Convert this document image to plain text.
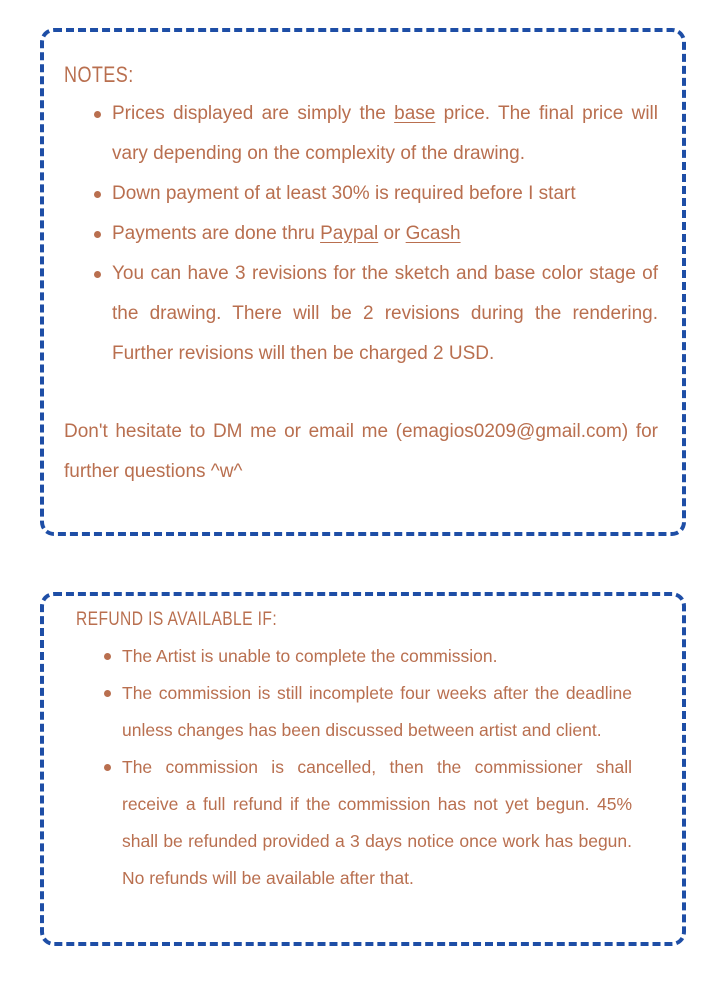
NOTES:
Prices displayed are simply the base price. The final price will vary depending on the complexity of the drawing.
Down payment of at least 30% is required before I start
Payments are done thru Paypal or Gcash
You can have 3 revisions for the sketch and base color stage of the drawing. There will be 2 revisions during the rendering. Further revisions will then be charged 2 USD.

Don't hesitate to DM me or email me (emagios0209@gmail.com) for further questions ^w^

REFUND IS AVAILABLE IF:
The Artist is unable to complete the commission.
The commission is still incomplete four weeks after the deadline unless changes has been discussed between artist and client.
The commission is cancelled, then the commissioner shall receive a full refund if the commission has not yet begun. 45% shall be refunded provided a 3 days notice once work has begun. No refunds will be available after that.
